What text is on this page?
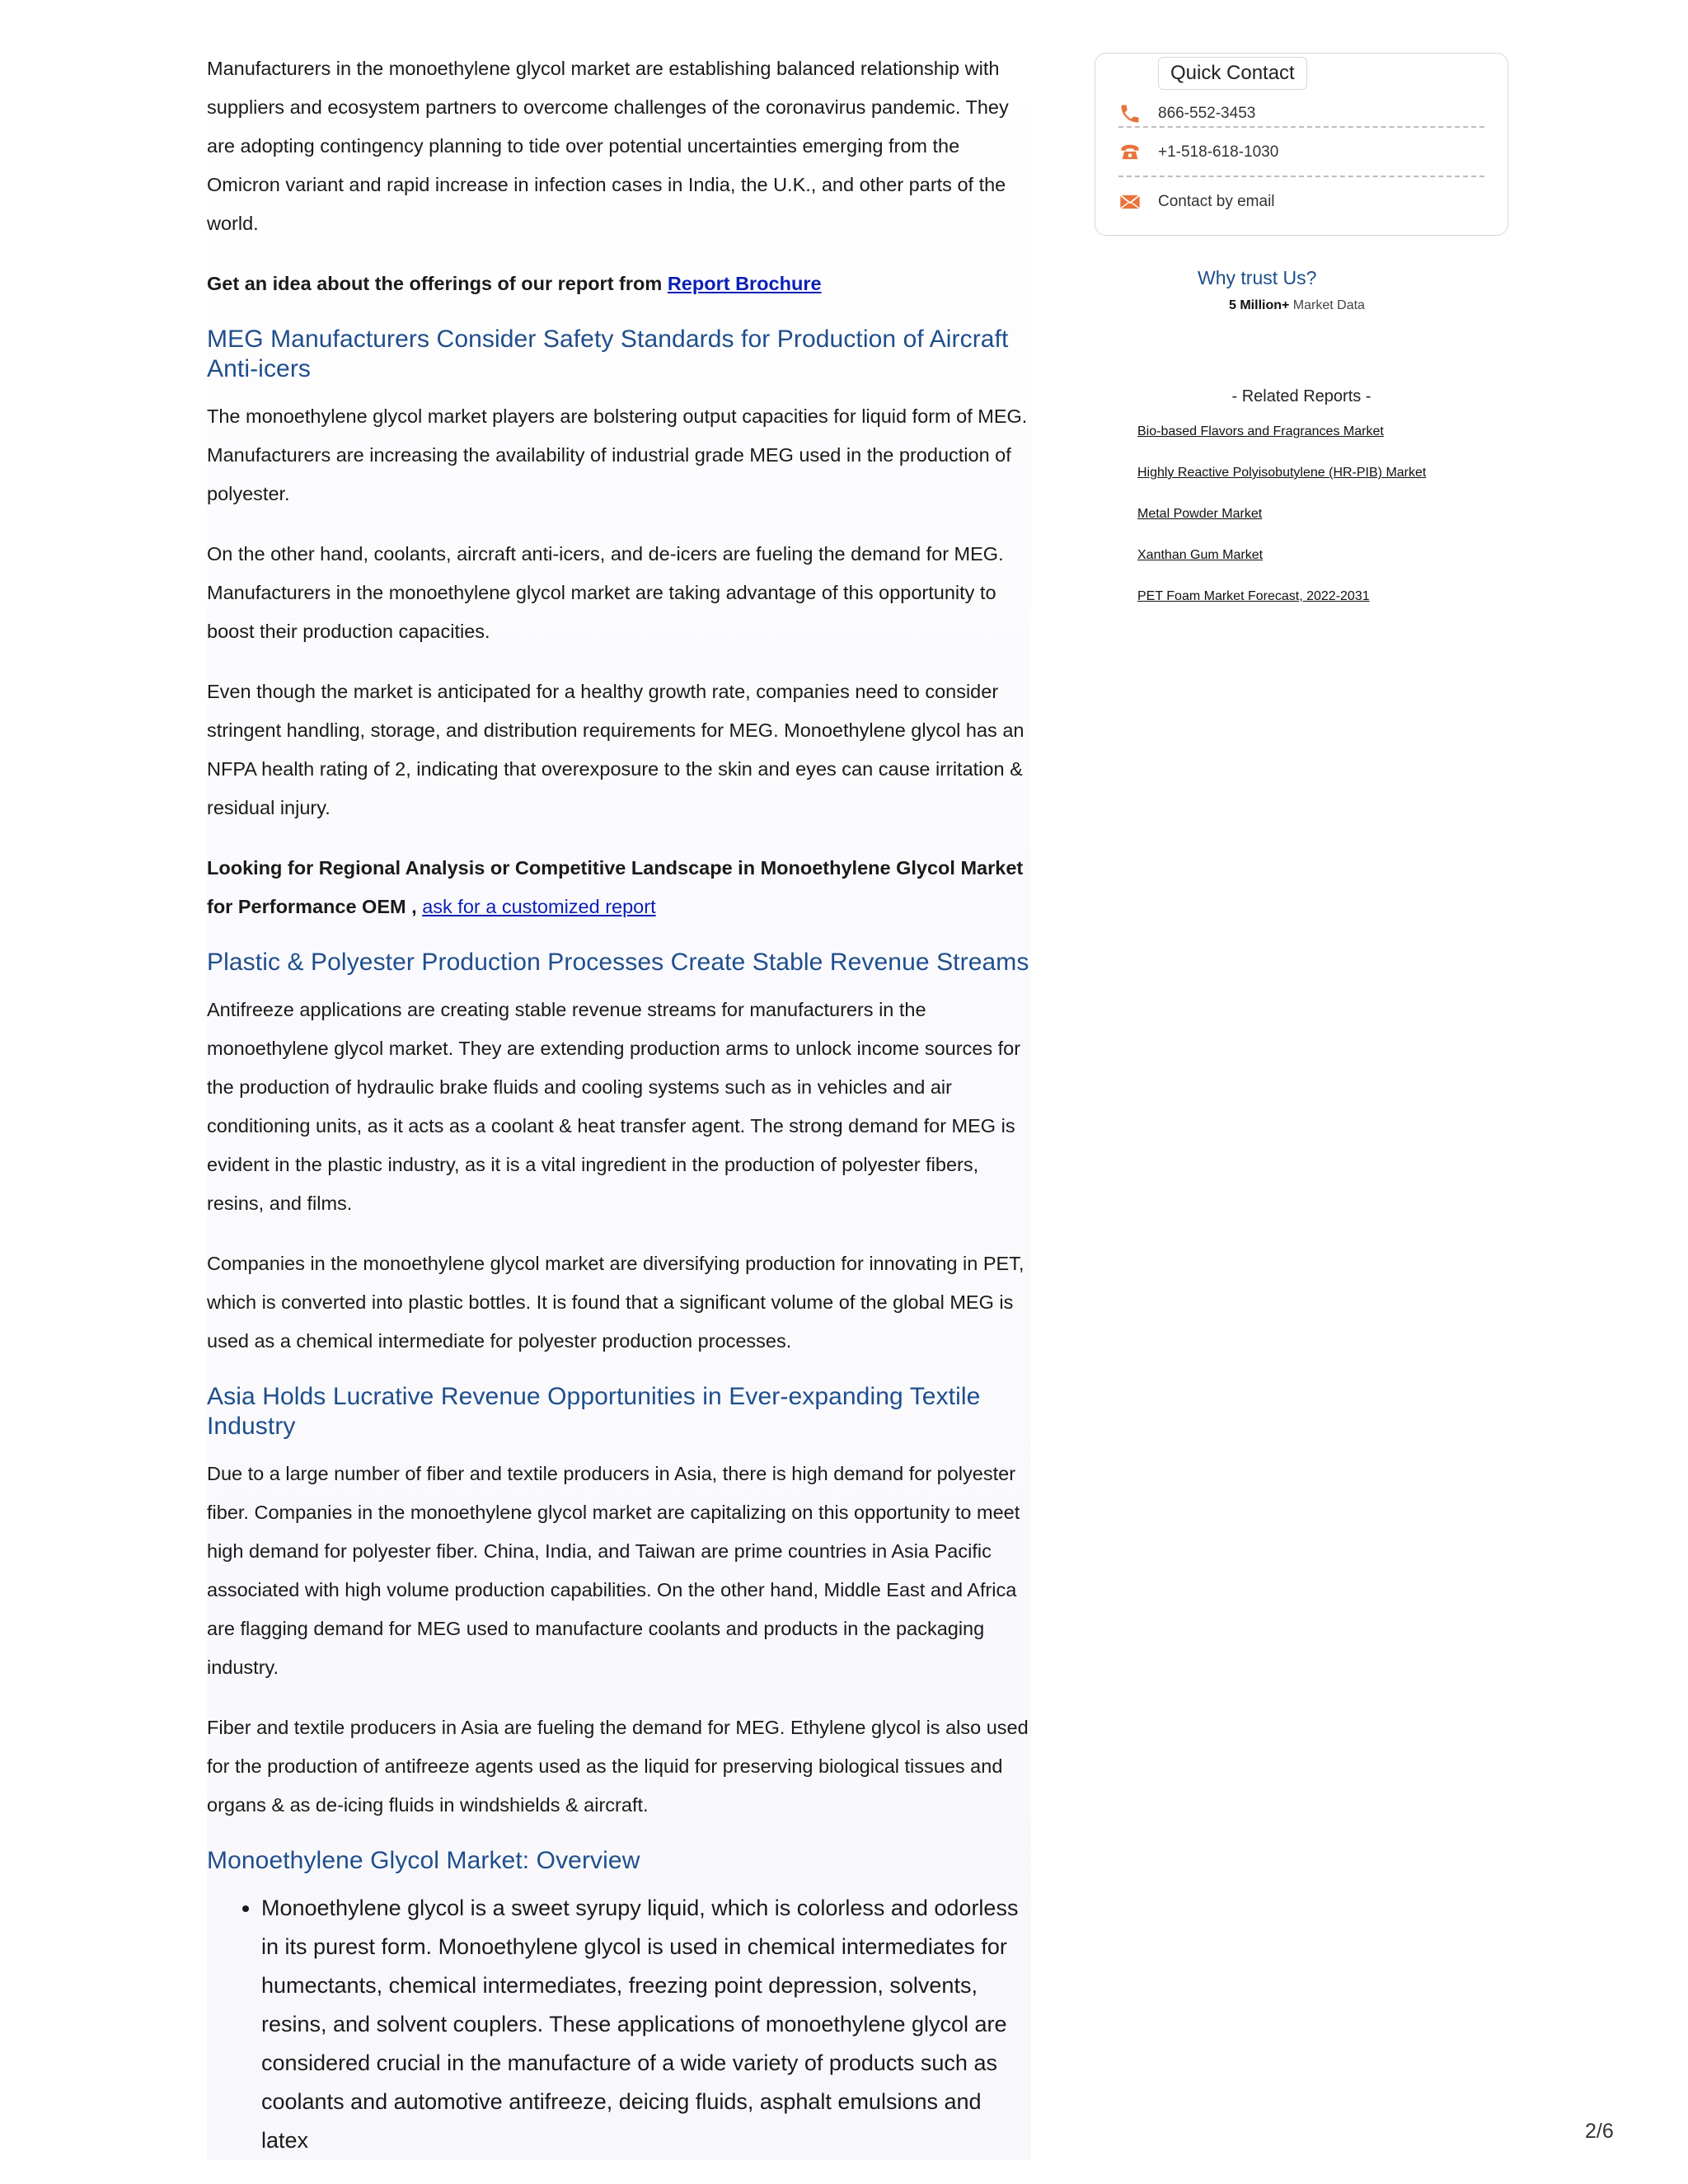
Manufacturers in the monoethylene glycol market are establishing balanced relationship with suppliers and ecosystem partners to overcome challenges of the coronavirus pandemic. They are adopting contingency planning to tide over potential uncertainties emerging from the Omicron variant and rapid increase in infection cases in India, the U.K., and other parts of the world.

Get an idea about the offerings of our report from Report Brochure

MEG Manufacturers Consider Safety Standards for Production of Aircraft Anti-icers

The monoethylene glycol market players are bolstering output capacities for liquid form of MEG. Manufacturers are increasing the availability of industrial grade MEG used in the production of polyester.

On the other hand, coolants, aircraft anti-icers, and de-icers are fueling the demand for MEG. Manufacturers in the monoethylene glycol market are taking advantage of this opportunity to boost their production capacities.

Even though the market is anticipated for a healthy growth rate, companies need to consider stringent handling, storage, and distribution requirements for MEG. Monoethylene glycol has an NFPA health rating of 2, indicating that overexposure to the skin and eyes can cause irritation & residual injury.

Looking for Regional Analysis or Competitive Landscape in Monoethylene Glycol Market for Performance OEM , ask for a customized report

Plastic & Polyester Production Processes Create Stable Revenue Streams

Antifreeze applications are creating stable revenue streams for manufacturers in the monoethylene glycol market. They are extending production arms to unlock income sources for the production of hydraulic brake fluids and cooling systems such as in vehicles and air conditioning units, as it acts as a coolant & heat transfer agent. The strong demand for MEG is evident in the plastic industry, as it is a vital ingredient in the production of polyester fibers, resins, and films.

Companies in the monoethylene glycol market are diversifying production for innovating in PET, which is converted into plastic bottles. It is found that a significant volume of the global MEG is used as a chemical intermediate for polyester production processes.

Asia Holds Lucrative Revenue Opportunities in Ever-expanding Textile Industry

Due to a large number of fiber and textile producers in Asia, there is high demand for polyester fiber. Companies in the monoethylene glycol market are capitalizing on this opportunity to meet high demand for polyester fiber. China, India, and Taiwan are prime countries in Asia Pacific associated with high volume production capabilities. On the other hand, Middle East and Africa are flagging demand for MEG used to manufacture coolants and products in the packaging industry.

Fiber and textile producers in Asia are fueling the demand for MEG. Ethylene glycol is also used for the production of antifreeze agents used as the liquid for preserving biological tissues and organs & as de-icing fluids in windshields & aircraft.

Monoethylene Glycol Market: Overview
• Monoethylene glycol is a sweet syrupy liquid, which is colorless and odorless in its purest form. Monoethylene glycol is used in chemical intermediates for humectants, chemical intermediates, freezing point depression, solvents, resins, and solvent couplers. These applications of monoethylene glycol are considered crucial in the manufacture of a wide variety of products such as coolants and automotive antifreeze, deicing fluids, asphalt emulsions and latex
Quick Contact
866-552-3453
+1-518-618-1030
Contact by email
Why trust Us?
5 Million+ Market Data
- Related Reports -
Bio-based Flavors and Fragrances Market
Highly Reactive Polyisobutylene (HR-PIB) Market
Metal Powder Market
Xanthan Gum Market
PET Foam Market Forecast, 2022-2031
2/6
